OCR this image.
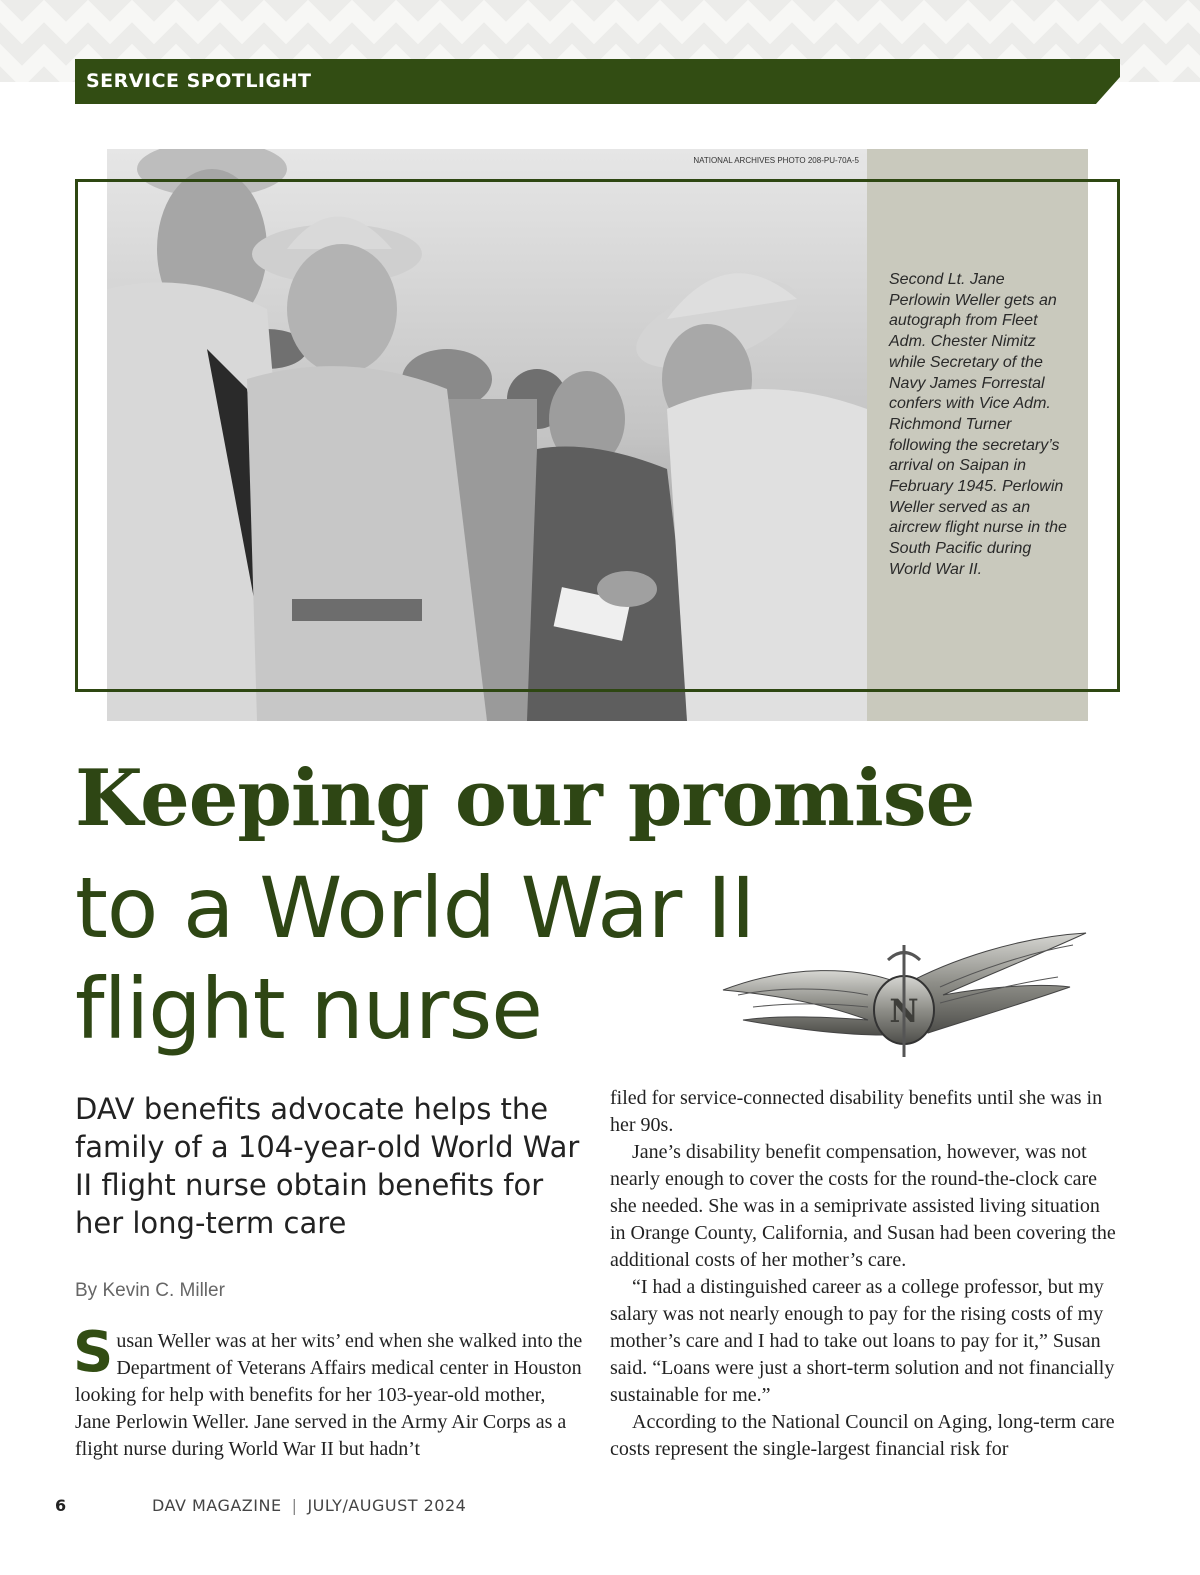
SERVICE SPOTLIGHT
NATIONAL ARCHIVES PHOTO 208-PU-70A-5
Second Lt. Jane Perlowin Weller gets an autograph from Fleet Adm. Chester Nimitz while Secretary of the Navy James Forrestal confers with Vice Adm. Richmond Turner following the secretary’s arrival on Saipan in February 1945. Perlowin Weller served as an aircrew flight nurse in the South Pacific during World War II.
Keeping our promise
to a World War II
flight nurse	N
DAV benefits advocate helps the family of a 104-year-old World War II flight nurse obtain benefits for her long-term care
By Kevin C. Miller

Susan Weller was at her wits’ end when she walked into the Department of Veterans Affairs medical center in Houston looking for help with benefits for her 103-year-old mother, Jane Perlowin Weller. Jane served in the Army Air Corps as a flight nurse during World War II but hadn’t

filed for service-connected disability benefits until she was in her 90s.

Jane’s disability benefit compensation, however, was not nearly enough to cover the costs for the round-the-clock care she needed. She was in a semiprivate assisted living situation in Orange County, California, and Susan had been covering the additional costs of her mother’s care.

“I had a distinguished career as a college professor, but my salary was not nearly enough to pay for the rising costs of my mother’s care and I had to take out loans to pay for it,” Susan said. “Loans were just a short-term solution and not financially sustainable for me.”

According to the National Council on Aging, long-term care costs represent the single-largest financial risk for

6	DAV MAGAZINE | JULY/AUGUST 2024
